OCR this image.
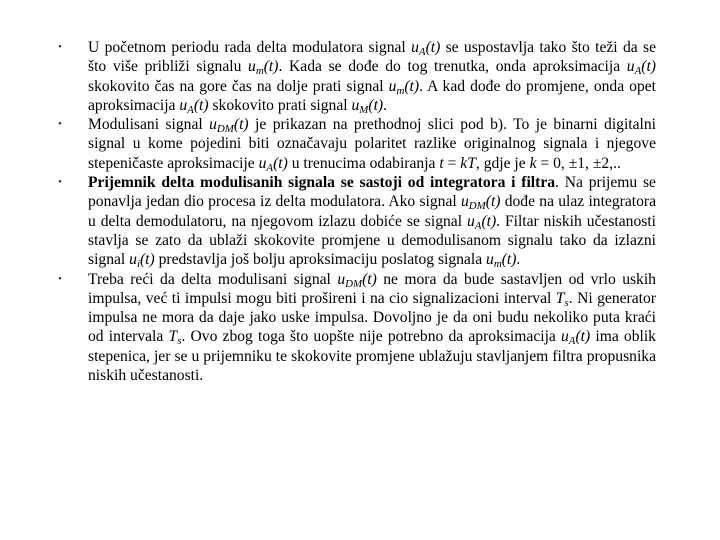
• U početnom periodu rada delta modulatora signal $u_A(t)$ se uspostavlja tako što teži da se što više približi signalu $u_m(t)$. Kada se dođe do tog trenutka, onda aproksimacija $u_A(t)$ skokovito čas na gore čas na dolje prati signal $u_m(t)$. A kad dođe do promjene, onda opet aproksimacija $u_A(t)$ skokovito prati signal $u_M(t)$.
• Modulisani signal $u_{DM}(t)$ je prikazan na prethodnoj slici pod b). To je binarni digitalni signal u kome pojedini biti označavaju polaritet razlike originalnog signala i njegove stepeničaste aproksimacije $u_A(t)$ u trenucima odabiranja t = kT, gdje je k = 0, ±1, ±2,..
• Prijemnik delta modulisanih signala se sastoji od integratora i filtra. Na prijemu se ponavlja jedan dio procesa iz delta modulatora. Ako signal $u_{DM}(t)$ dođe na ulaz integratora u delta demodulatoru, na njegovom izlazu dobiće se signal $u_A(t)$. Filtar niskih učestanosti stavlja se zato da ublaži skokovite promjene u demodulisanom signalu tako da izlazni signal $u_i(t)$ predstavlja još bolju aproksimaciju poslatog signala $u_m(t)$.
• Treba reći da delta modulisani signal $u_{DM}(t)$ ne mora da bude sastavljen od vrlo uskih impulsa, već ti impulsi mogu biti prošireni i na cio signalizacioni interval $T_s$. Ni generator impulsa ne mora da daje jako uske impulsa. Dovoljno je da oni budu nekoliko puta kraći od intervala $T_s$. Ovo zbog toga što uopšte nije potrebno da aproksimacija $u_A(t)$ ima oblik stepenica, jer se u prijemniku te skokovite promjene ublažuju stavljanjem filtra propusnika niskih učestanosti.
